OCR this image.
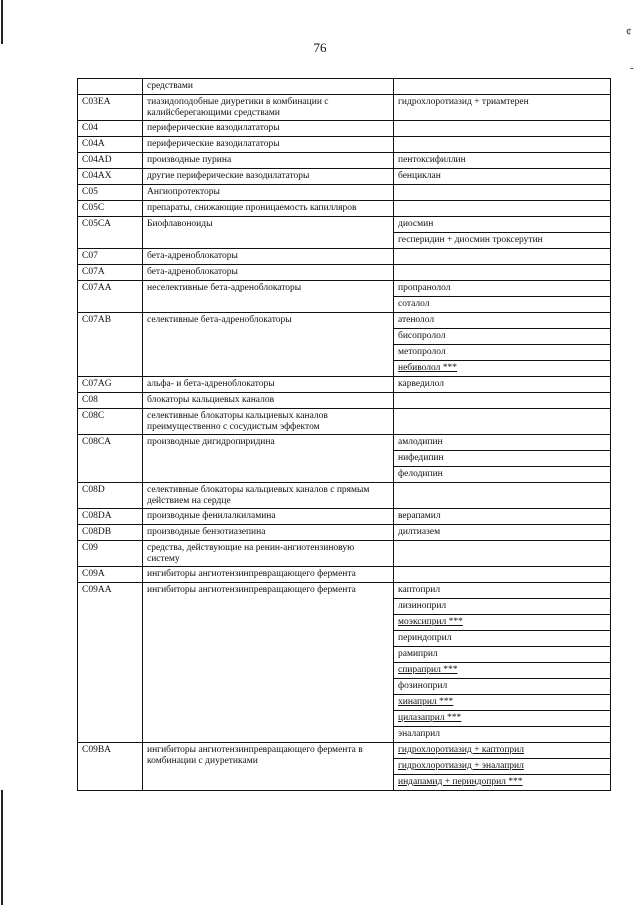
¢
-
76
	средствами	
C03EA	тиазидоподобные диуретики в комбинации с калийсберегающими средствами	гидрохлоротиазид + триамтерен
C04	периферические вазодилататоры	
C04A	периферические вазодилататоры	
C04AD	производные пурина	пентоксифиллин
C04AX	другие периферические вазодилататоры	бенциклан
C05	Ангиопротекторы	
C05C	препараты, снижающие проницаемость капилляров	
C05CA	Биофлавоноиды	диосмин
		гесперидин + диосмин троксерутин
C07	бета-адреноблокаторы	
C07A	бета-адреноблокаторы	
C07AA	неселективные бета-адреноблокаторы	пропранолол
		соталол
C07AB	селективные бета-адреноблокаторы	атенолол
		бисопролол
		метопролол
		небиволол ***
C07AG	альфа- и бета-адреноблокаторы	карведилол
C08	блокаторы кальциевых каналов	
C08C	селективные блокаторы кальциевых каналов преимущественно с сосудистым эффектом	
C08CA	производные дигидропиридина	амлодипин
		нифедипин
		фелодипин
C08D	селективные блокаторы кальциевых каналов с прямым действием на сердце	
C08DA	производные фенилалкиламина	верапамил
C08DB	производные бензотиазепина	дилтиазем
C09	средства, действующие на ренин-ангиотензиновую систему	
C09A	ингибиторы ангиотензинпревращающего фермента	
C09AA	ингибиторы ангиотензинпревращающего фермента	каптоприл
		лизиноприл
		моэксиприл ***
		периндоприл
		рамиприл
		спираприл ***
		фозиноприл
		хинаприл ***
		цилазаприл ***
		эналаприл
C09BA	ингибиторы ангиотензинпревращающего фермента в комбинации с диуретиками	гидрохлоротиазид + каптоприл
		гидрохлоротиазид + эналаприл
		индапамид + периндоприл ***
